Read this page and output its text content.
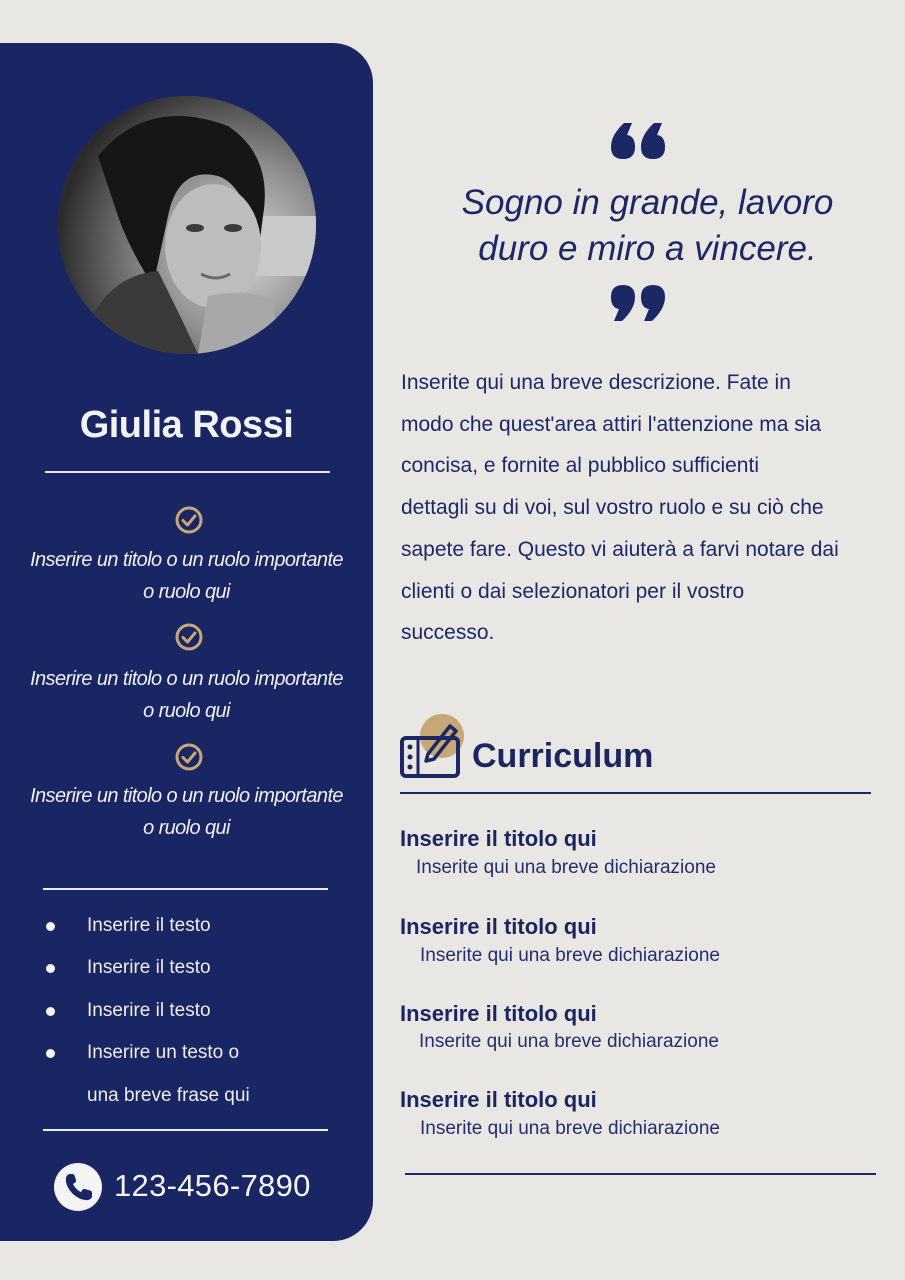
Giulia Rossi
Inserire un titolo o un ruolo importante
o ruolo qui
Inserire un titolo o un ruolo importante
o ruolo qui
Inserire un titolo o un ruolo importante
o ruolo qui
Inserire il testo
Inserire il testo
Inserire il testo
Inserire un testo o
una breve frase qui
123-456-7890
Sogno in grande, lavoro
duro e miro a vincere.
Inserite qui una breve descrizione. Fate in
modo che quest'area attiri l'attenzione ma sia
concisa, e fornite al pubblico sufficienti
dettagli su di voi, sul vostro ruolo e su ciò che
sapete fare. Questo vi aiuterà a farvi notare dai
clienti o dai selezionatori per il vostro
successo.
Curriculum
Inserire il titolo qui
Inserite qui una breve dichiarazione
Inserire il titolo qui
Inserite qui una breve dichiarazione
Inserire il titolo qui
Inserite qui una breve dichiarazione
Inserire il titolo qui
Inserite qui una breve dichiarazione
